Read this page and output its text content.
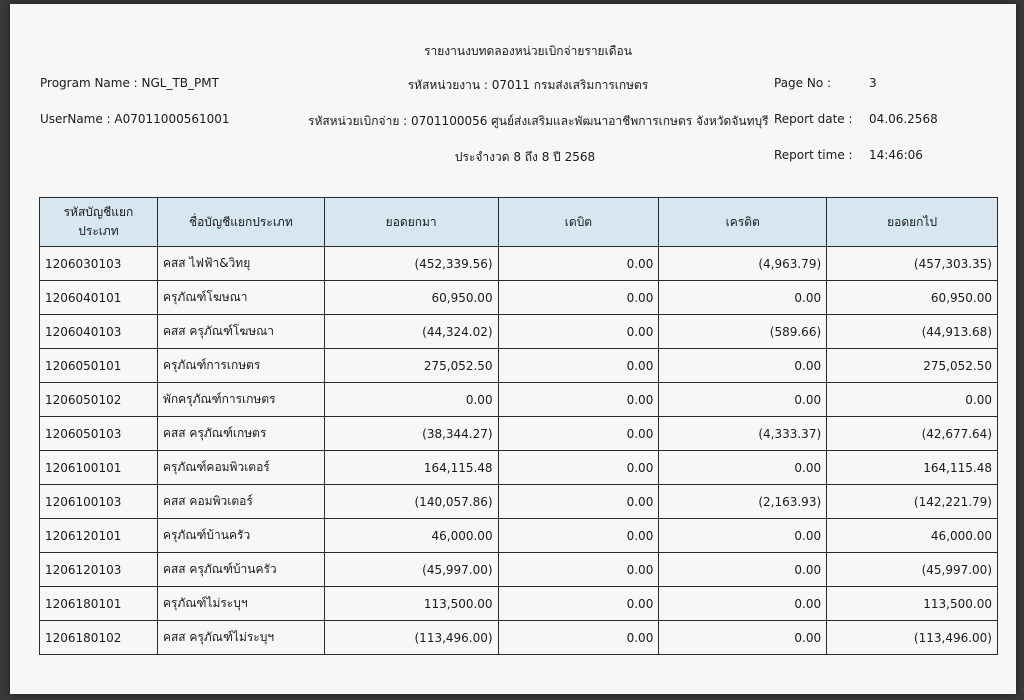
รายงานงบทดลองหน่วยเบิกจ่ายรายเดือน
Program Name : NGL_TB_PMT	รหัสหน่วยงาน : 07011 กรมส่งเสริมการเกษตร	Page No :	3
UserName : A07011000561001	รหัสหน่วยเบิกจ่าย : 0701100056 ศูนย์ส่งเสริมและพัฒนาอาชีพการเกษตร จังหวัดจันทบุรี Report date : 04.06.2568
ประจำงวด 8 ถึง 8 ปี 2568	Report time : 14:46:06
รหัสบัญชีแยกประเภท	ชื่อบัญชีแยกประเภท	ยอดยกมา	เดบิต	เครดิต	ยอดยกไป
1206030103	คสส ไฟฟ้า&วิทยุ	(452,339.56)	0.00	(4,963.79)	(457,303.35)
1206040101	ครุภัณฑ์โฆษณา	60,950.00	0.00	0.00	60,950.00
1206040103	คสส ครุภัณฑ์โฆษณา	(44,324.02)	0.00	(589.66)	(44,913.68)
1206050101	ครุภัณฑ์การเกษตร	275,052.50	0.00	0.00	275,052.50
1206050102	พักครุภัณฑ์การเกษตร	0.00	0.00	0.00	0.00
1206050103	คสส ครุภัณฑ์เกษตร	(38,344.27)	0.00	(4,333.37)	(42,677.64)
1206100101	ครุภัณฑ์คอมพิวเตอร์	164,115.48	0.00	0.00	164,115.48
1206100103	คสส คอมพิวเตอร์	(140,057.86)	0.00	(2,163.93)	(142,221.79)
1206120101	ครุภัณฑ์บ้านครัว	46,000.00	0.00	0.00	46,000.00
1206120103	คสส ครุภัณฑ์บ้านครัว	(45,997.00)	0.00	0.00	(45,997.00)
1206180101	ครุภัณฑ์ไม่ระบุฯ	113,500.00	0.00	0.00	113,500.00
1206180102	คสส ครุภัณฑ์ไม่ระบุฯ	(113,496.00)	0.00	0.00	(113,496.00)
